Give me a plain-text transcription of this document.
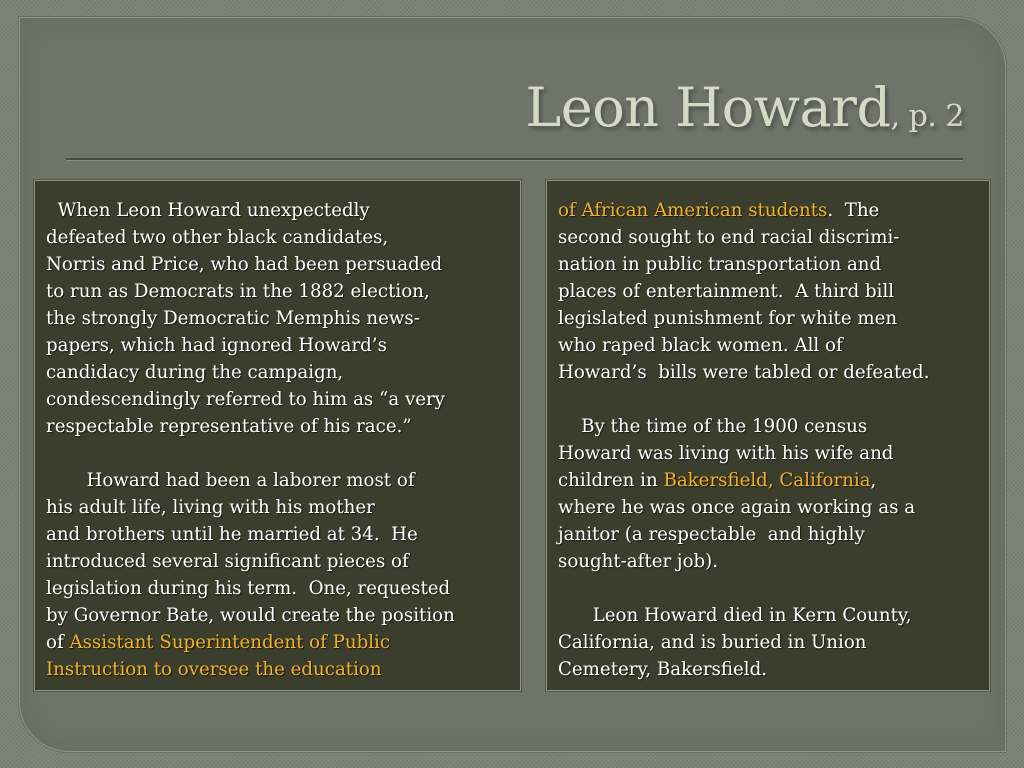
Leon Howard, p. 2
When Leon Howard unexpectedly
defeated two other black candidates,
Norris and Price, who had been persuaded
to run as Democrats in the 1882 election,
the strongly Democratic Memphis news-
papers, which had ignored Howard’s
candidacy during the campaign,
condescendingly referred to him as “a very
respectable representative of his race.”
Howard had been a laborer most of
his adult life, living with his mother
and brothers until he married at 34.  He
introduced several significant pieces of
legislation during his term.  One, requested
by Governor Bate, would create the position
of Assistant Superintendent of Public
Instruction to oversee the education
of African American students.  The
second sought to end racial discrimi-
nation in public transportation and
places of entertainment.  A third bill
legislated punishment for white men
who raped black women. All of
Howard’s  bills were tabled or defeated.
By the time of the 1900 census
Howard was living with his wife and
children in Bakersfield, California,
where he was once again working as a
janitor (a respectable  and highly
sought-after job).
Leon Howard died in Kern County,
California, and is buried in Union
Cemetery, Bakersfield.
